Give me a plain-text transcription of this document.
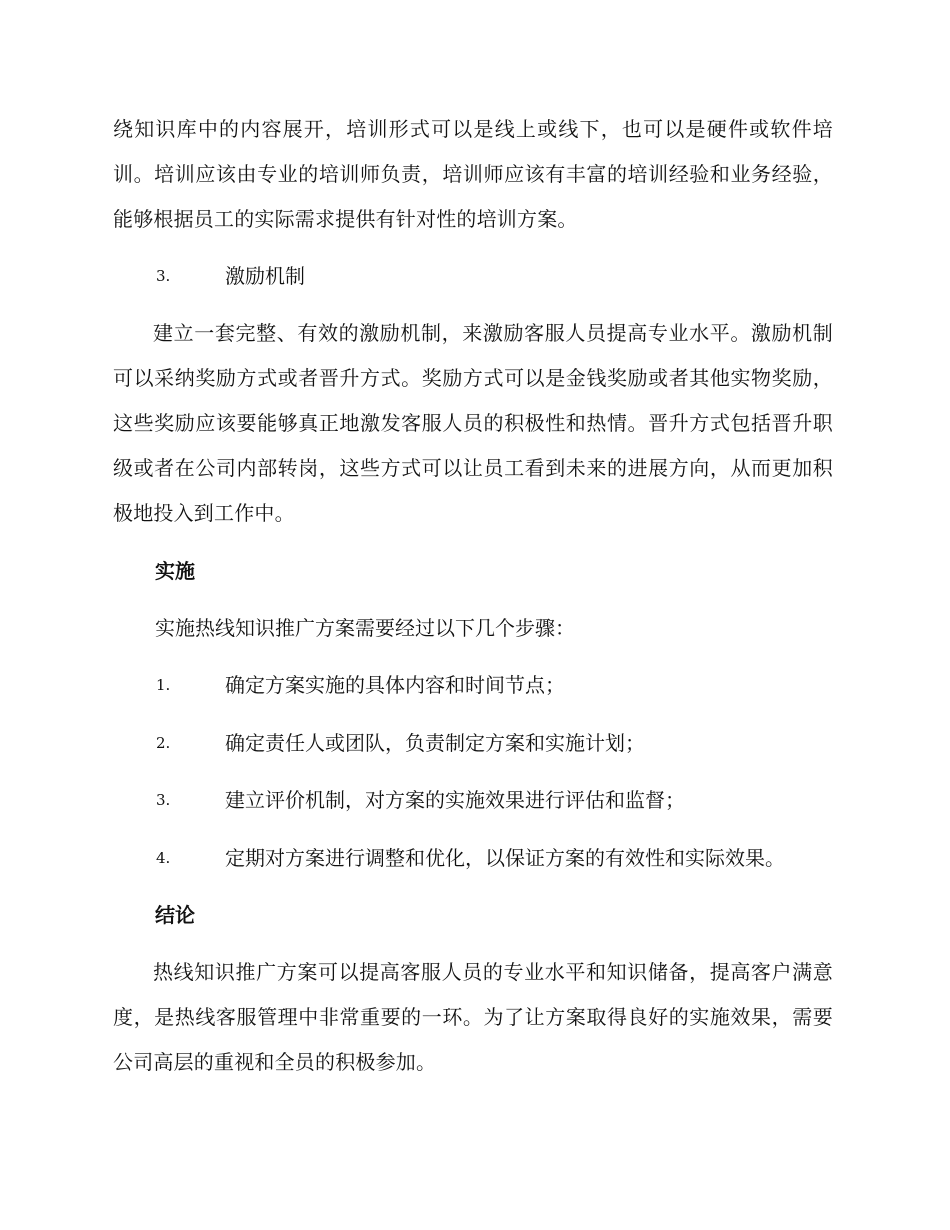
绕知识库中的内容展开，培训形式可以是线上或线下，也可以是硬件或软件培训。培训应该由专业的培训师负责，培训师应该有丰富的培训经验和业务经验，能够根据员工的实际需求提供有针对性的培训方案。

3.	激励机制

建立一套完整、有效的激励机制，来激励客服人员提高专业水平。激励机制可以采纳奖励方式或者晋升方式。奖励方式可以是金钱奖励或者其他实物奖励，这些奖励应该要能够真正地激发客服人员的积极性和热情。晋升方式包括晋升职级或者在公司内部转岗，这些方式可以让员工看到未来的进展方向，从而更加积极地投入到工作中。

实施
实施热线知识推广方案需要经过以下几个步骤：
1.	确定方案实施的具体内容和时间节点；
2.	确定责任人或团队，负责制定方案和实施计划；
3.	建立评价机制，对方案的实施效果进行评估和监督；
4.	定期对方案进行调整和优化，以保证方案的有效性和实际效果。
结论

热线知识推广方案可以提高客服人员的专业水平和知识储备，提高客户满意度，是热线客服管理中非常重要的一环。为了让方案取得良好的实施效果，需要公司高层的重视和全员的积极参加。
